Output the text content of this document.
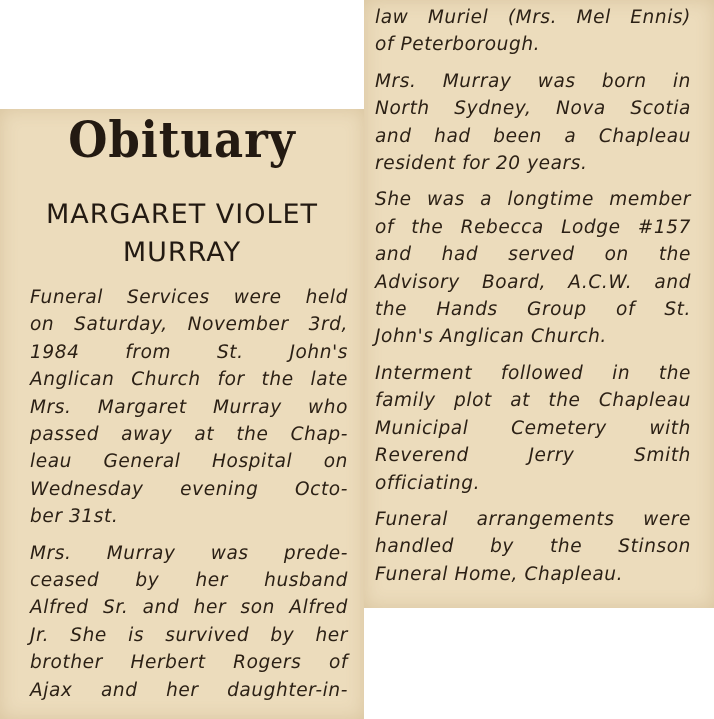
Obituary
MARGARET VIOLET
MURRAY

Funeral Services were held

on Saturday, November 3rd,

1984 from St. John's

Anglican Church for the late

Mrs. Margaret Murray who

passed away at the Chap-

leau General Hospital on

Wednesday evening Octo-

ber 31st.

Mrs. Murray was prede-

ceased by her husband

Alfred Sr. and her son Alfred

Jr. She is survived by her

brother Herbert Rogers of

Ajax and her daughter-in-

law Muriel (Mrs. Mel Ennis)

of Peterborough.

Mrs. Murray was born in

North Sydney, Nova Scotia

and had been a Chapleau

resident for 20 years.

She was a longtime member

of the Rebecca Lodge #157

and had served on the

Advisory Board, A.C.W. and

the Hands Group of St.

John's Anglican Church.

Interment followed in the

family plot at the Chapleau

Municipal Cemetery with

Reverend Jerry Smith

officiating.

Funeral arrangements were

handled by the Stinson

Funeral Home, Chapleau.
